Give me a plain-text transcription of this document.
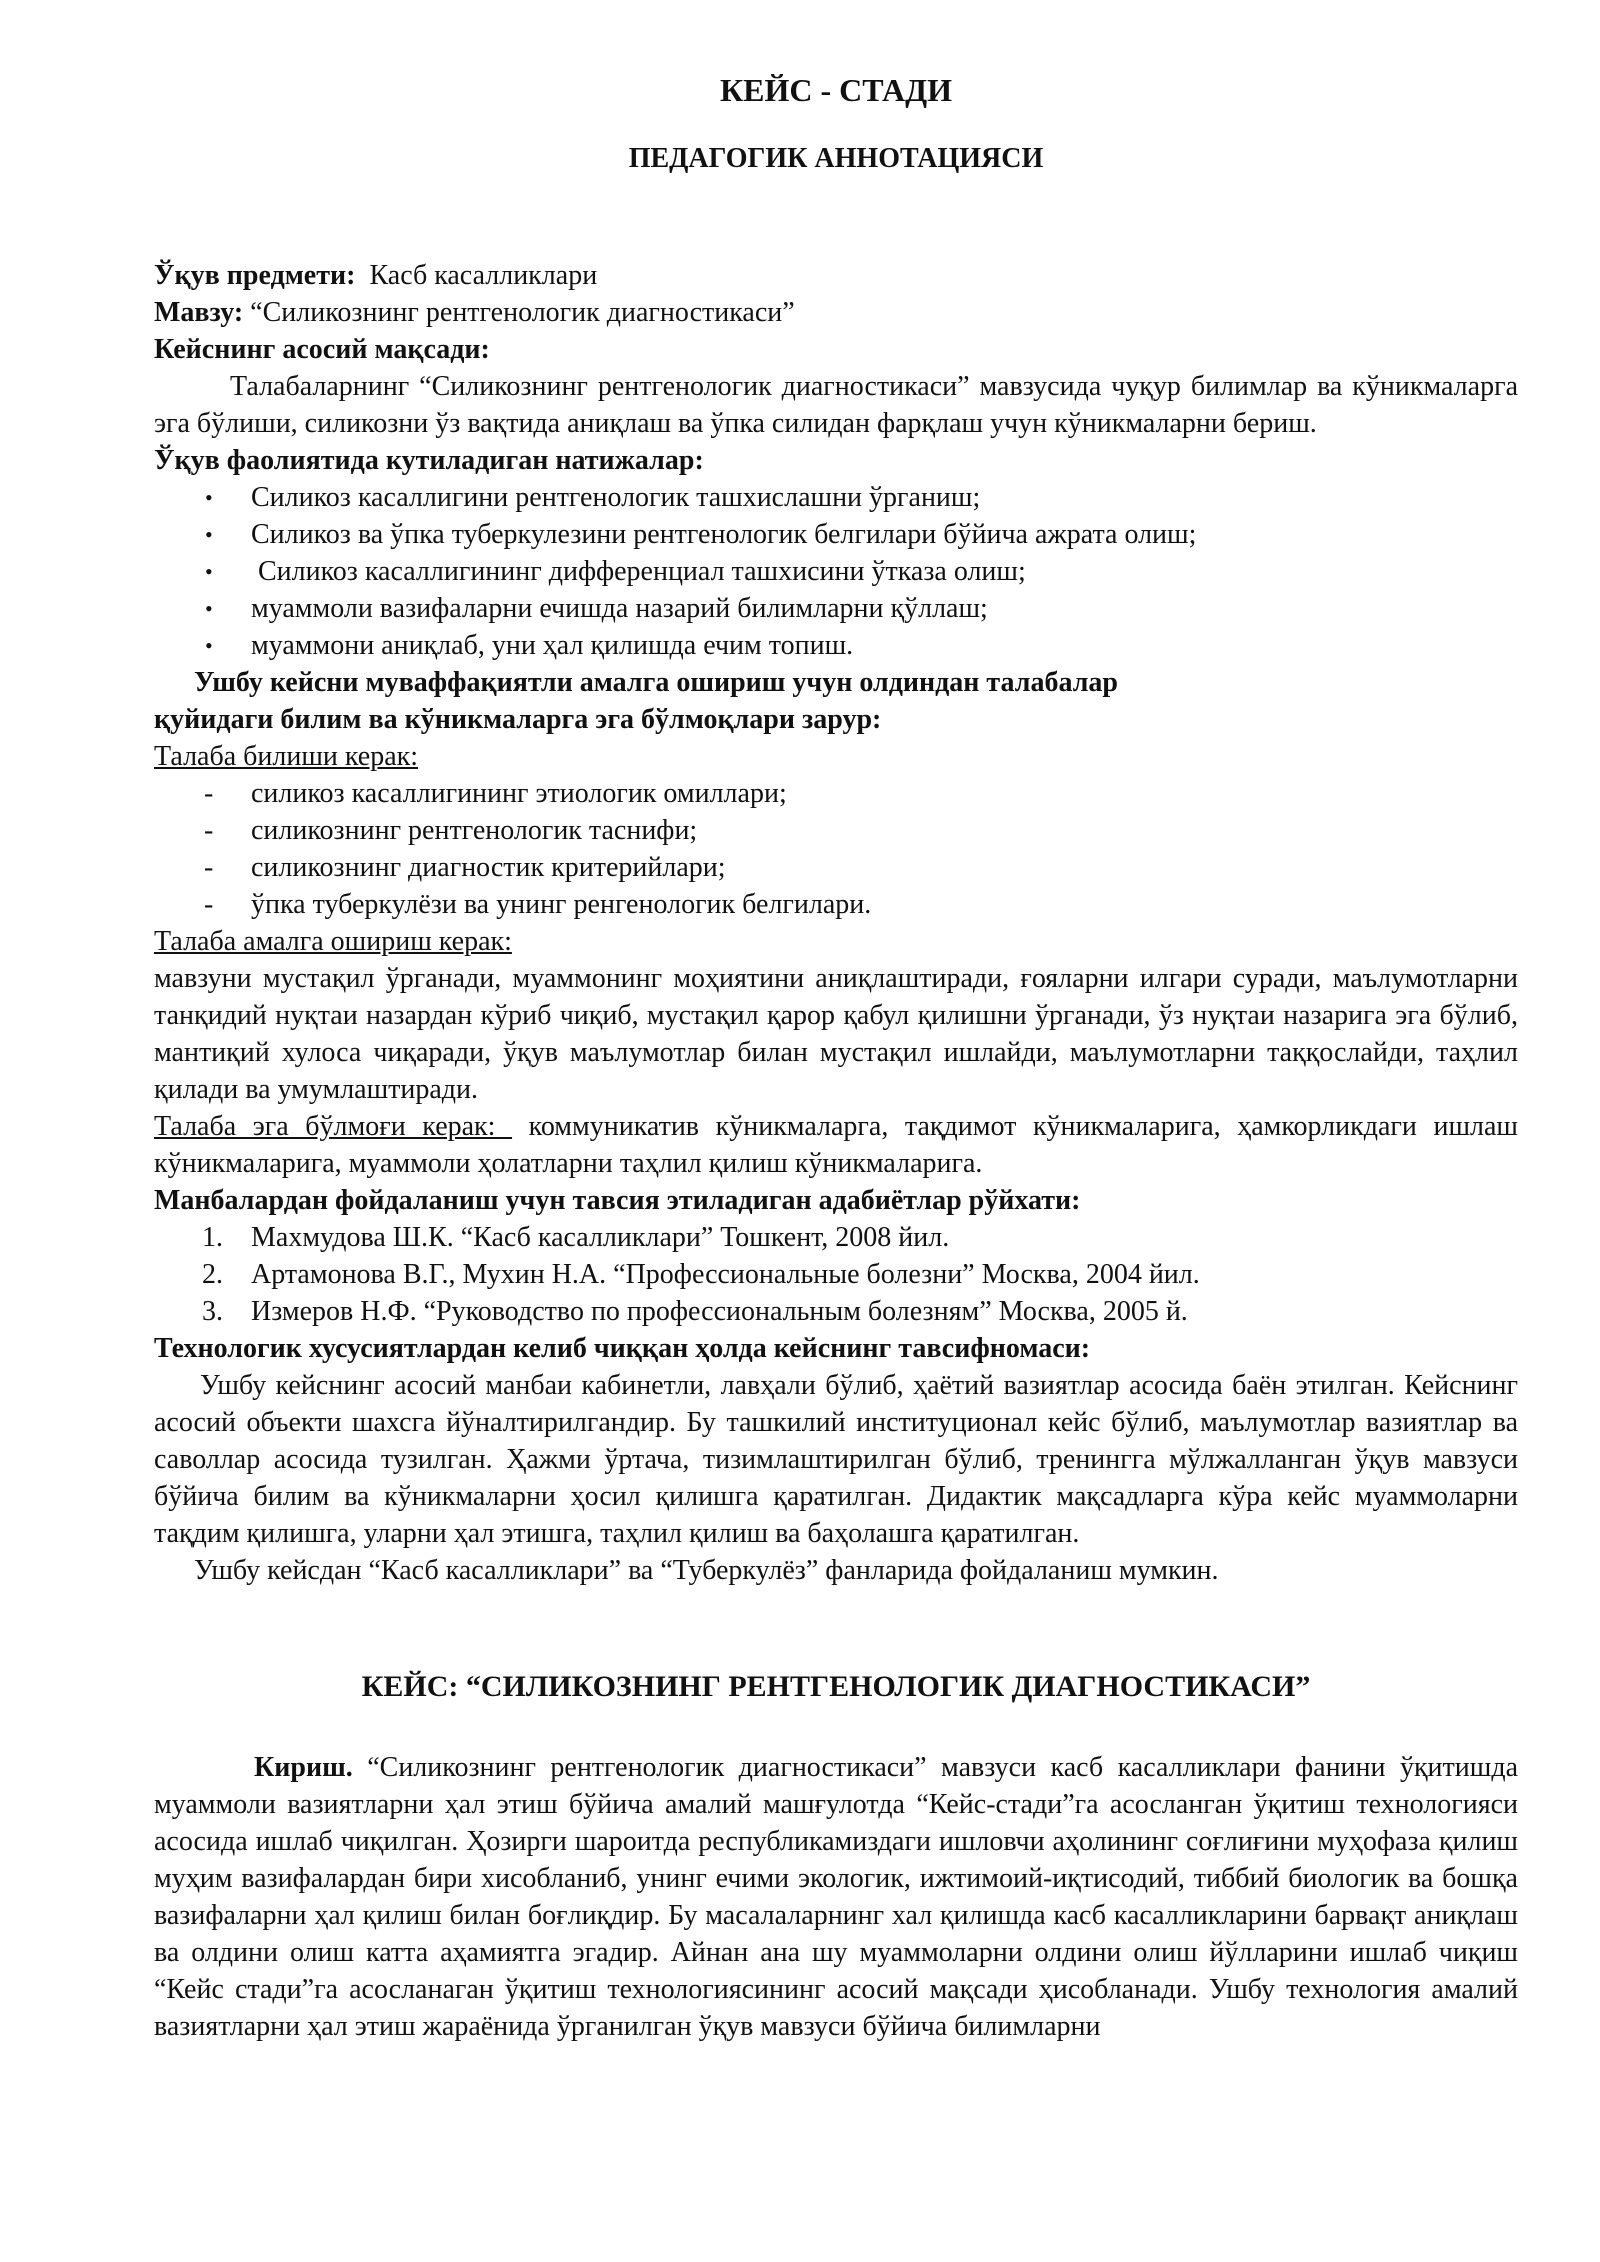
КЕЙС - СТАДИ
ПЕДАГОГИК АННОТАЦИЯСИ

Ўқув предмети: Касб касалликлари

Мавзу: “Силикознинг рентгенологик диагностикаси”

Кейснинг асосий мақсади:

Талабаларнинг “Силикознинг рентгенологик диагностикаси” мавзусида чуқур билимлар ва кўникмаларга эга бўлиши, силикозни ўз вақтида аниқлаш ва ўпка силидан фарқлаш учун кўникмаларни бериш.

Ўқув фаолиятида кутиладиган натижалар:

• Силикоз касаллигини рентгенологик ташхислашни ўрганиш;
• Силикоз ва ўпка туберкулезини рентгенологик белгилари бўйича ажрата олиш;
• Силикоз касаллигининг дифференциал ташхисини ўтказа олиш;
• муаммоли вазифаларни ечишда назарий билимларни қўллаш;
• муаммони аниқлаб, уни ҳал қилишда ечим топиш.

Ушбу кейсни муваффақиятли амалга ошириш учун олдиндан талабалар

қуйидаги билим ва кўникмаларга эга бўлмоқлари зарур:

Талаба билиши керак:

- силикоз касаллигининг этиологик омиллари;
- силикознинг рентгенологик таснифи;
- силикознинг диагностик критерийлари;
- ўпка туберкулёзи ва унинг ренгенологик белгилари.

Талаба амалга ошириш керак:

мавзуни мустақил ўрганади, муаммонинг моҳиятини аниқлаштиради, ғояларни илгари суради, маълумотларни танқидий нуқтаи назардан кўриб чиқиб, мустақил қарор қабул қилишни ўрганади, ўз нуқтаи назарига эга бўлиб, мантиқий хулоса чиқаради, ўқув маълумотлар билан мустақил ишлайди, маълумотларни таққослайди, таҳлил қилади ва умумлаштиради.

Талаба эга бўлмоғи керак:  коммуникатив кўникмаларга, тақдимот кўникмаларига, ҳамкорликдаги ишлаш кўникмаларига, муаммоли ҳолатларни таҳлил қилиш кўникмаларига.

Манбалардан фойдаланиш учун тавсия этиладиган адабиётлар рўйхати:

1. Махмудова Ш.К. “Касб касалликлари” Тошкент, 2008 йил.
2. Артамонова В.Г., Мухин Н.А. “Профессиональные болезни” Москва, 2004 йил.
3. Измеров Н.Ф. “Руководство по профессиональным болезням” Москва, 2005 й.

Технологик хусусиятлардан келиб чиққан ҳолда кейснинг тавсифномаси:

Ушбу кейснинг асосий манбаи кабинетли, лавҳали бўлиб, ҳаётий вазиятлар асосида баён этилган. Кейснинг асосий объекти шахсга йўналтирилгандир. Бу ташкилий институционал кейс бўлиб, маълумотлар вазиятлар ва саволлар асосида тузилган. Ҳажми ўртача, тизимлаштирилган бўлиб, тренингга мўлжалланган ўқув мавзуси бўйича билим ва кўникмаларни ҳосил қилишга қаратилган. Дидактик мақсадларга кўра кейс муаммоларни тақдим қилишга, уларни ҳал этишга, таҳлил қилиш ва баҳолашга қаратилган.

Ушбу кейсдан “Касб касалликлари” ва “Туберкулёз” фанларида фойдаланиш мумкин.

КЕЙС: “СИЛИКОЗНИНГ РЕНТГЕНОЛОГИК ДИАГНОСТИКАСИ”

Кириш. “Силикознинг рентгенологик диагностикаси” мавзуси касб касалликлари фанини ўқитишда муаммоли вазиятларни ҳал этиш бўйича амалий машғулотда “Кейс-стади”га асосланган ўқитиш технологияси асосида ишлаб чиқилган. Ҳозирги шароитда республикамиздаги ишловчи аҳолининг соғлиғини муҳофаза қилиш муҳим вазифалардан бири хисобланиб, унинг ечими экологик, ижтимоий-иқтисодий, тиббий биологик ва бошқа вазифаларни ҳал қилиш билан боғлиқдир. Бу масалаларнинг хал қилишда касб касалликларини барвақт аниқлаш ва олдини олиш катта аҳамиятга эгадир. Айнан ана шу муаммоларни олдини олиш йўлларини ишлаб чиқиш “Кейс стади”га асосланаган ўқитиш технологиясининг асосий мақсади ҳисобланади. Ушбу технология амалий вазиятларни ҳал этиш жараёнида ўрганилган ўқув мавзуси бўйича билимларни
